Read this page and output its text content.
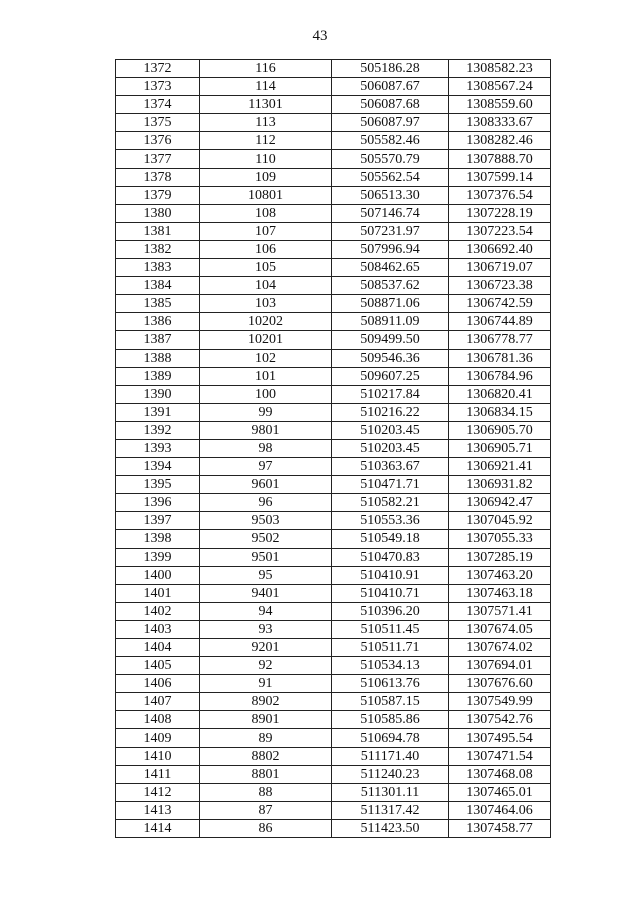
43
1372	116	505186.28	1308582.23
1373	114	506087.67	1308567.24
1374	11301	506087.68	1308559.60
1375	113	506087.97	1308333.67
1376	112	505582.46	1308282.46
1377	110	505570.79	1307888.70
1378	109	505562.54	1307599.14
1379	10801	506513.30	1307376.54
1380	108	507146.74	1307228.19
1381	107	507231.97	1307223.54
1382	106	507996.94	1306692.40
1383	105	508462.65	1306719.07
1384	104	508537.62	1306723.38
1385	103	508871.06	1306742.59
1386	10202	508911.09	1306744.89
1387	10201	509499.50	1306778.77
1388	102	509546.36	1306781.36
1389	101	509607.25	1306784.96
1390	100	510217.84	1306820.41
1391	99	510216.22	1306834.15
1392	9801	510203.45	1306905.70
1393	98	510203.45	1306905.71
1394	97	510363.67	1306921.41
1395	9601	510471.71	1306931.82
1396	96	510582.21	1306942.47
1397	9503	510553.36	1307045.92
1398	9502	510549.18	1307055.33
1399	9501	510470.83	1307285.19
1400	95	510410.91	1307463.20
1401	9401	510410.71	1307463.18
1402	94	510396.20	1307571.41
1403	93	510511.45	1307674.05
1404	9201	510511.71	1307674.02
1405	92	510534.13	1307694.01
1406	91	510613.76	1307676.60
1407	8902	510587.15	1307549.99
1408	8901	510585.86	1307542.76
1409	89	510694.78	1307495.54
1410	8802	511171.40	1307471.54
1411	8801	511240.23	1307468.08
1412	88	511301.11	1307465.01
1413	87	511317.42	1307464.06
1414	86	511423.50	1307458.77
